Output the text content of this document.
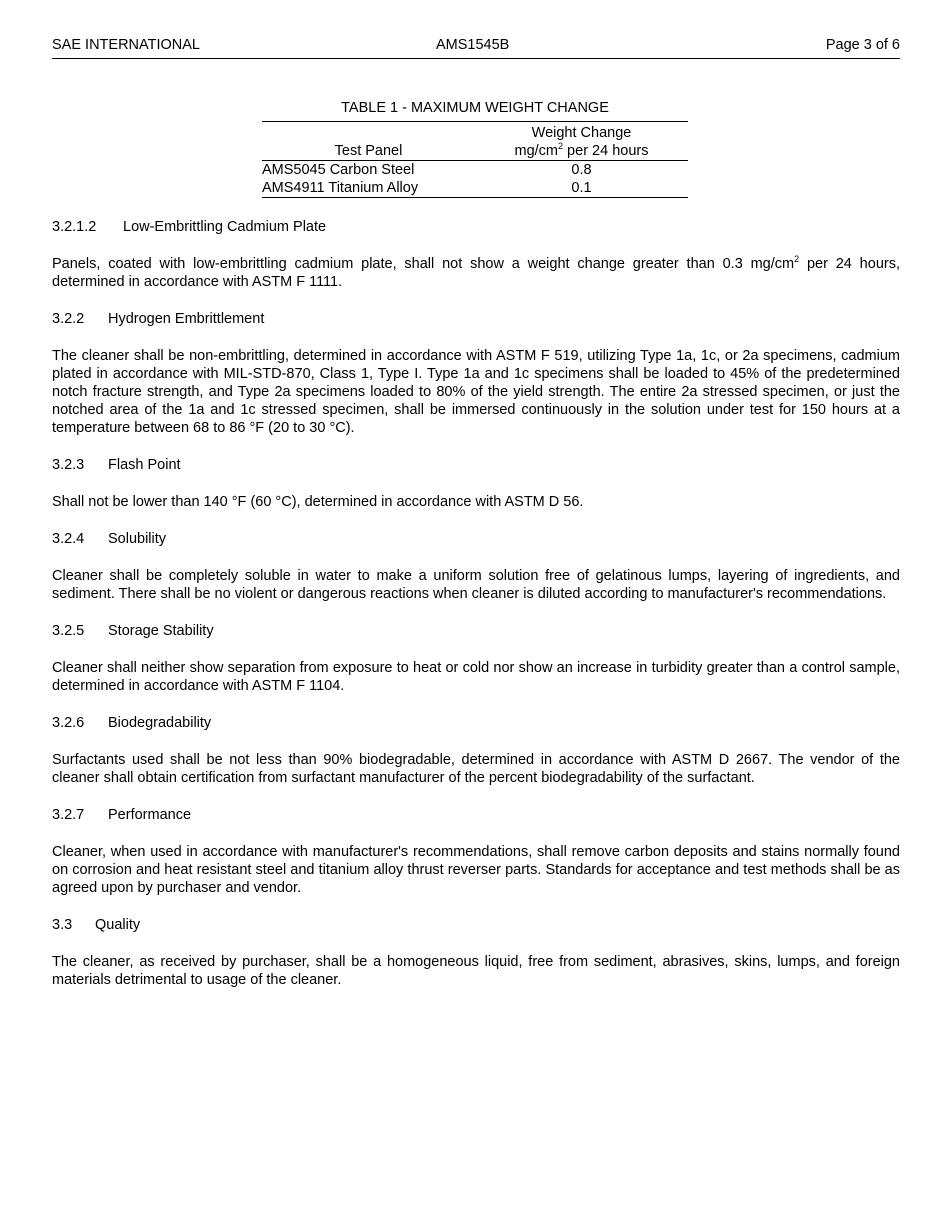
SAE INTERNATIONAL	AMS1545B	Page 3 of 6
TABLE 1 - MAXIMUM WEIGHT CHANGE
Test Panel
Weight Change
$mg/cm^2$ per 24 hours
AMS5045 Carbon Steel	0.8
AMS4911 Titanium Alloy	0.1
3.2.1.2 Low-Embrittling Cadmium Plate

Panels, coated with low-embrittling cadmium plate, shall not show a weight change greater than 0.3 $mg/cm^2$ per 24 hours, determined in accordance with ASTM F 1111.

3.2.2 Hydrogen Embrittlement

The cleaner shall be non-embrittling, determined in accordance with ASTM F 519, utilizing Type 1a, 1c, or 2a specimens, cadmium plated in accordance with MIL-STD-870, Class 1, Type I. Type 1a and 1c specimens shall be loaded to 45% of the predetermined notch fracture strength, and Type 2a specimens loaded to 80% of the yield strength. The entire 2a stressed specimen, or just the notched area of the 1a and 1c stressed specimen, shall be immersed continuously in the solution under test for 150 hours at a temperature between 68 to 86 °F (20 to 30 °C).

3.2.3 Flash Point

Shall not be lower than 140 °F (60 °C), determined in accordance with ASTM D 56.

3.2.4 Solubility

Cleaner shall be completely soluble in water to make a uniform solution free of gelatinous lumps, layering of ingredients, and sediment. There shall be no violent or dangerous reactions when cleaner is diluted according to manufacturer's recommendations.

3.2.5 Storage Stability

Cleaner shall neither show separation from exposure to heat or cold nor show an increase in turbidity greater than a control sample, determined in accordance with ASTM F 1104.

3.2.6 Biodegradability

Surfactants used shall be not less than 90% biodegradable, determined in accordance with ASTM D 2667. The vendor of the cleaner shall obtain certification from surfactant manufacturer of the percent biodegradability of the surfactant.

3.2.7 Performance

Cleaner, when used in accordance with manufacturer's recommendations, shall remove carbon deposits and stains normally found on corrosion and heat resistant steel and titanium alloy thrust reverser parts. Standards for acceptance and test methods shall be as agreed upon by purchaser and vendor.

3.3 Quality

The cleaner, as received by purchaser, shall be a homogeneous liquid, free from sediment, abrasives, skins, lumps, and foreign materials detrimental to usage of the cleaner.
